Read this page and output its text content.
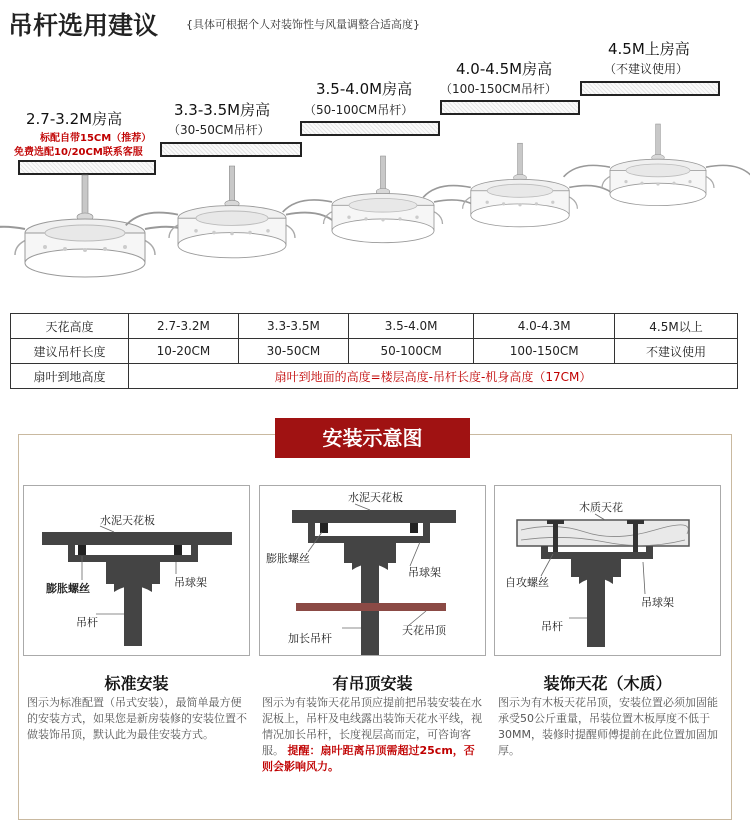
吊杆选用建议	{具体可根据个人对装饰性与风量调整合适高度}
2.7-3.2M房高
标配自带15CM（推荐）
免费选配10/20CM联系客服
3.3-3.5M房高
（30-50CM吊杆）
3.5-4.0M房高
（50-100CM吊杆）
4.0-4.5M房高
（100-150CM吊杆）
4.5M上房高
（不建议使用）
天花高度	2.7-3.2M	3.3-3.5M	3.5-4.0M	4.0-4.3M	4.5M以上
建议吊杆长度	10-20CM	30-50CM	50-100CM	100-150CM	不建议使用
扇叶到地高度	扇叶到地面的高度=楼层高度-吊杆长度-机身高度（17CM）				
安装示意图
水泥天花板
膨胀螺丝	吊球架
吊杆
标准安装
图示为标准配置（吊式安装），最简单最方便的安装方式，如果您是新房装修的安装位置不做装饰吊顶，默认此为最佳安装方式。
水泥天花板
膨胀螺丝
吊球架
加长吊杆
天花吊顶
有吊顶安装
图示为有装饰天花吊顶应提前把吊装安装在水泥板上，吊杆及电线露出装饰天花水平线，视情况加长吊杆，长度视层高而定，可咨询客服。 提醒：扇叶距离吊顶需超过25cm，否则会影响风力。
木质天花
自攻螺丝
吊球架
吊杆
装饰天花（木质）
图示为有木板天花吊顶，安装位置必须加固能承受50公斤重量，吊装位置木板厚度不低于30MM，装修时提醒师傅提前在此位置加固加厚。
